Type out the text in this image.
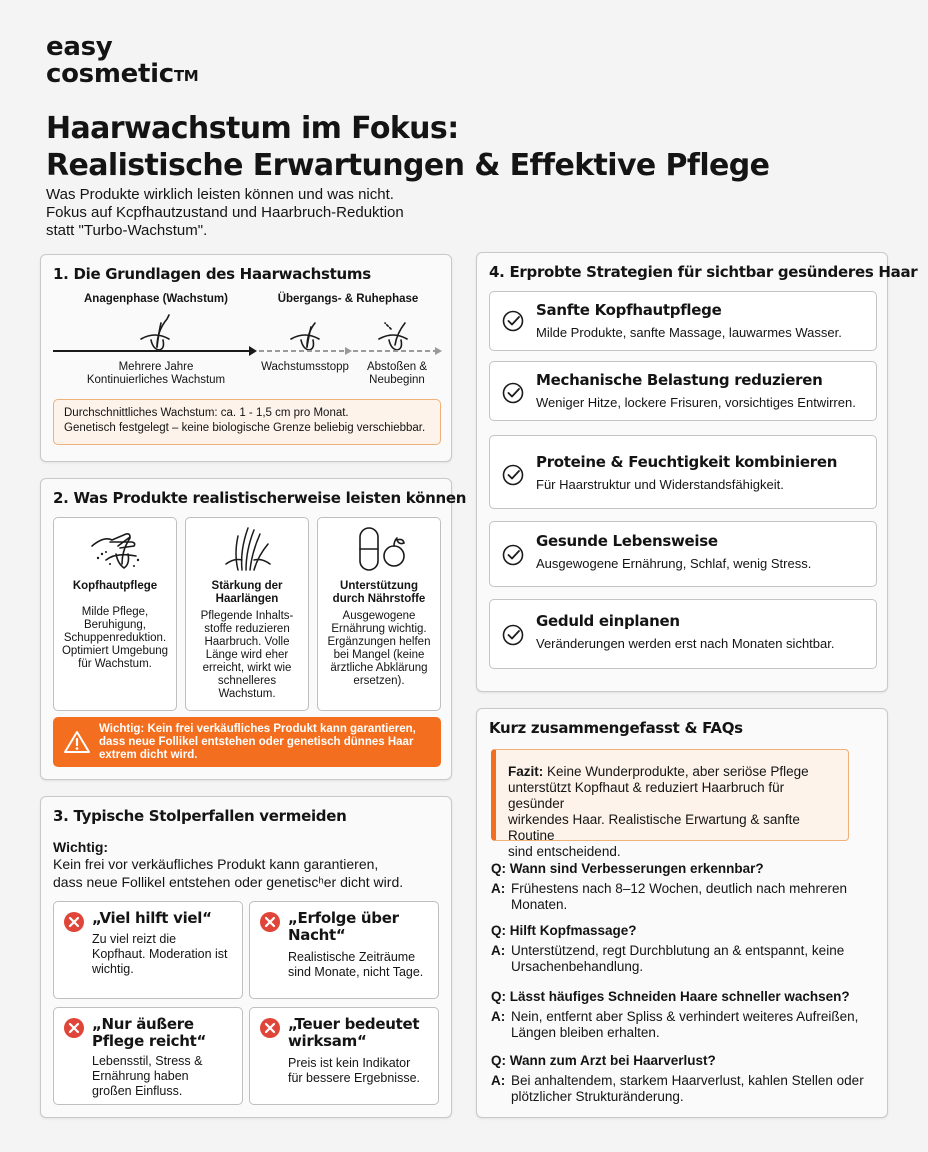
easy
cosmetic™
Haarwachstum im Fokus:
Realistische Erwartungen & Effektive Pflege
Was Produkte wirklich leisten können und was nicht.
Fokus auf Kcpfhautzustand und Haarbruch-Reduktion
statt "Turbo-Wachstum".
1. Die Grundlagen des Haarwachstums
Anagenphase (Wachstum)	Übergangs- & Ruhephase
Mehrere Jahre
Kontinuierliches Wachstum
Wachstumsstopp	Abstoßen &
Neubeginn
Durchschnittliches Wachstum: ca. 1 - 1,5 cm pro Monat.
Genetisch festgelegt – keine biologische Grenze beliebig verschiebbar.
2. Was Produkte realistischerweise leisten können
Kopfhautpflege
Milde Pflege,
Beruhigung,
Schuppenreduktion.
Optimiert Umgebung
für Wachstum.
Stärkung der
Haarlängen
Pflegende Inhalts-
stoffe reduzieren
Haarbruch. Volle
Länge wird eher
erreicht, wirkt wie
schnelleres
Wachstum.
Unterstützung
durch Nährstoffe
Ausgewogene
Ernährung wichtig.
Ergänzungen helfen
bei Mangel (keine
ärztliche Abklärung
ersetzen).
Wichtig: Kein frei verkäufliches Produkt kann garantieren,
dass neue Follikel entstehen oder genetisch dünnes Haar
extrem dicht wird.
3. Typische Stolperfallen vermeiden
Wichtig:
Kein frei vor verkäufliches Produkt kann garantieren,
dass neue Follikel entstehen oder genetiscʰer dicht wird.
„Viel hilft viel“
Zu viel reizt die
Kopfhaut. Moderation ist
wichtig.
„Erfolge über
Nacht“
Realistische Zeiträume
sind Monate, nicht Tage.
„Nur äußere
Pflege reicht“
Lebensstil, Stress &
Ernährung haben
großen Einfluss.
„Teuer bedeutet
wirksam“
Preis ist kein Indikator
für bessere Ergebnisse.
4. Erprobte Strategien für sichtbar gesünderes Haar
Sanfte Kopfhautpflege
Milde Produkte, sanfte Massage, lauwarmes Wasser.
Mechanische Belastung reduzieren
Weniger Hitze, lockere Frisuren, vorsichtiges Entwirren.
Proteine & Feuchtigkeit kombinieren
Für Haarstruktur und Widerstandsfähigkeit.
Gesunde Lebensweise
Ausgewogene Ernährung, Schlaf, wenig Stress.
Geduld einplanen
Veränderungen werden erst nach Monaten sichtbar.
Kurz zusammengefasst & FAQs
Fazit: Keine Wunderprodukte, aber seriöse Pflege
unterstützt Kopfhaut & reduziert Haarbruch für gesünder
wirkendes Haar. Realistische Erwartung & sanfte Routine
sind entscheidend.
Q: Wann sind Verbesserungen erkennbar?
A: Frühestens nach 8–12 Wochen, deutlich nach mehreren
Monaten.
Q: Hilft Kopfmassage?
A: Unterstützend, regt Durchblutung an & entspannt, keine
Ursachenbehandlung.
Q: Lässt häufiges Schneiden Haare schneller wachsen?
A: Nein, entfernt aber Spliss & verhindert weiteres Aufreißen,
Längen bleiben erhalten.
Q: Wann zum Arzt bei Haarverlust?
A: Bei anhaltendem, starkem Haarverlust, kahlen Stellen oder
plötzlicher Strukturänderung.
